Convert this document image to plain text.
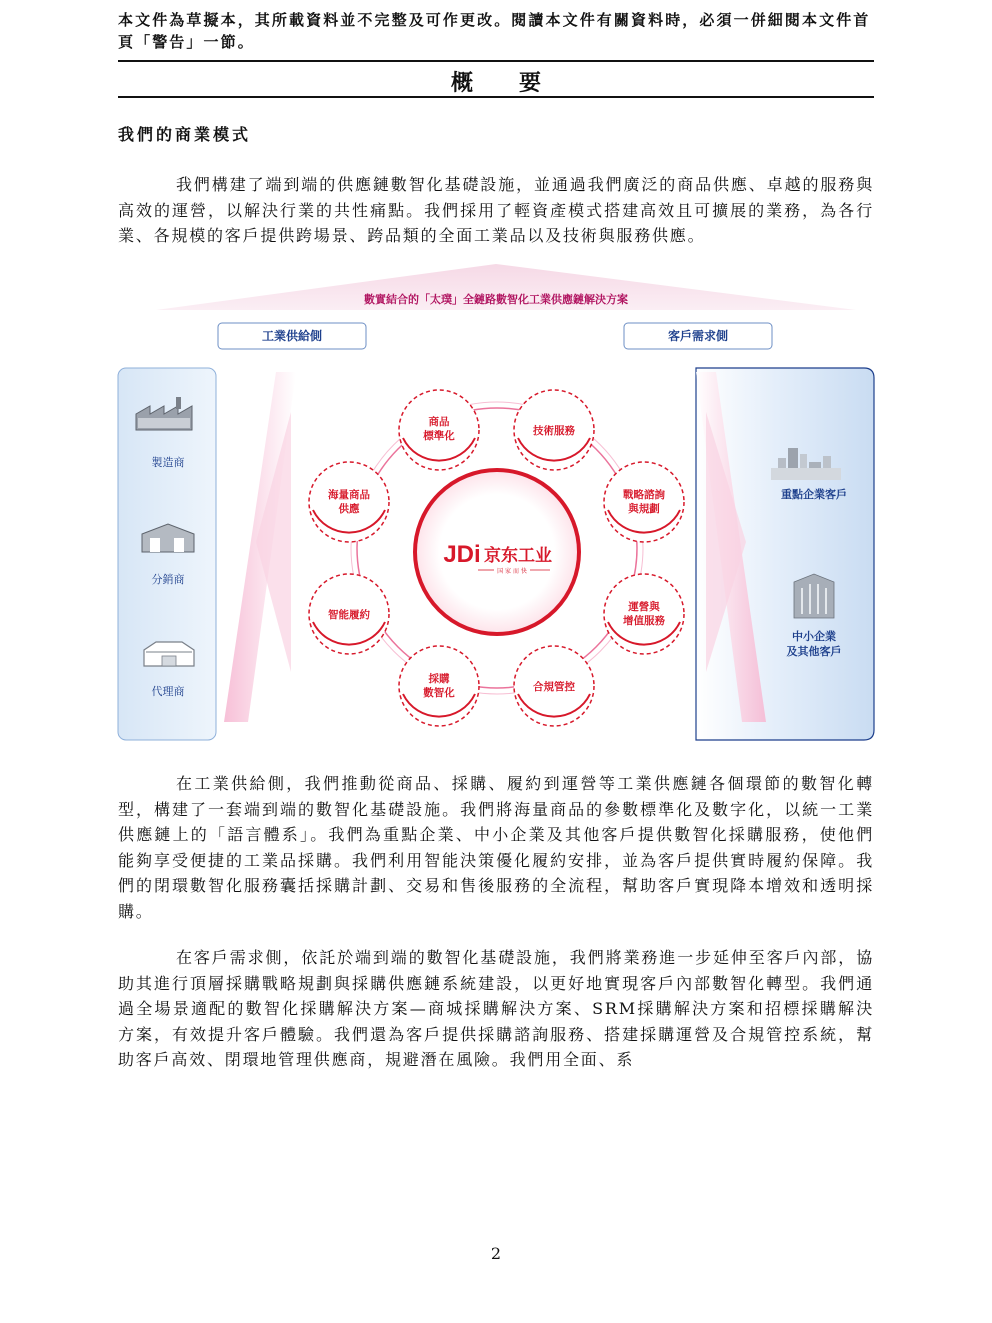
本文件為草擬本，其所載資料並不完整及可作更改。閱讀本文件有關資料時，必須一併細閱本文件首頁「警告」一節。
概要
我們的商業模式

我們構建了端到端的供應鏈數智化基礎設施，並通過我們廣泛的商品供應、卓越的服務與高效的運營，以解決行業的共性痛點。我們採用了輕資產模式搭建高效且可擴展的業務，為各行業、各規模的客戶提供跨場景、跨品類的全面工業品以及技術與服務供應。

數實結合的「太璞」全鏈路數智化工業供應鏈解決方案
工業供給側	客戶需求側
製造商
分銷商
代理商
重點企業客戶
中小企業
及其他客戶
JDi 京东工业
国 家 而 快
商品
標準化	技術服務
戰略諮詢
與規劃
運營與
增值服務
合規管控
採購
數智化
智能履約
海量商品
供應

在工業供給側，我們推動從商品、採購、履約到運營等工業供應鏈各個環節的數智化轉型，構建了一套端到端的數智化基礎設施。我們將海量商品的參數標準化及數字化，以統一工業供應鏈上的「語言體系」。我們為重點企業、中小企業及其他客戶提供數智化採購服務，使他們能夠享受便捷的工業品採購。我們利用智能決策優化履約安排，並為客戶提供實時履約保障。我們的閉環數智化服務囊括採購計劃、交易和售後服務的全流程，幫助客戶實現降本增效和透明採購。

在客戶需求側，依託於端到端的數智化基礎設施，我們將業務進一步延伸至客戶內部，協助其進行頂層採購戰略規劃與採購供應鏈系統建設，以更好地實現客戶內部數智化轉型。我們通過全場景適配的數智化採購解決方案—商城採購解決方案、SRM採購解決方案和招標採購解決方案，有效提升客戶體驗。我們還為客戶提供採購諮詢服務、搭建採購運營及合規管控系統，幫助客戶高效、閉環地管理供應商，規避潛在風險。我們用全面、系

2
